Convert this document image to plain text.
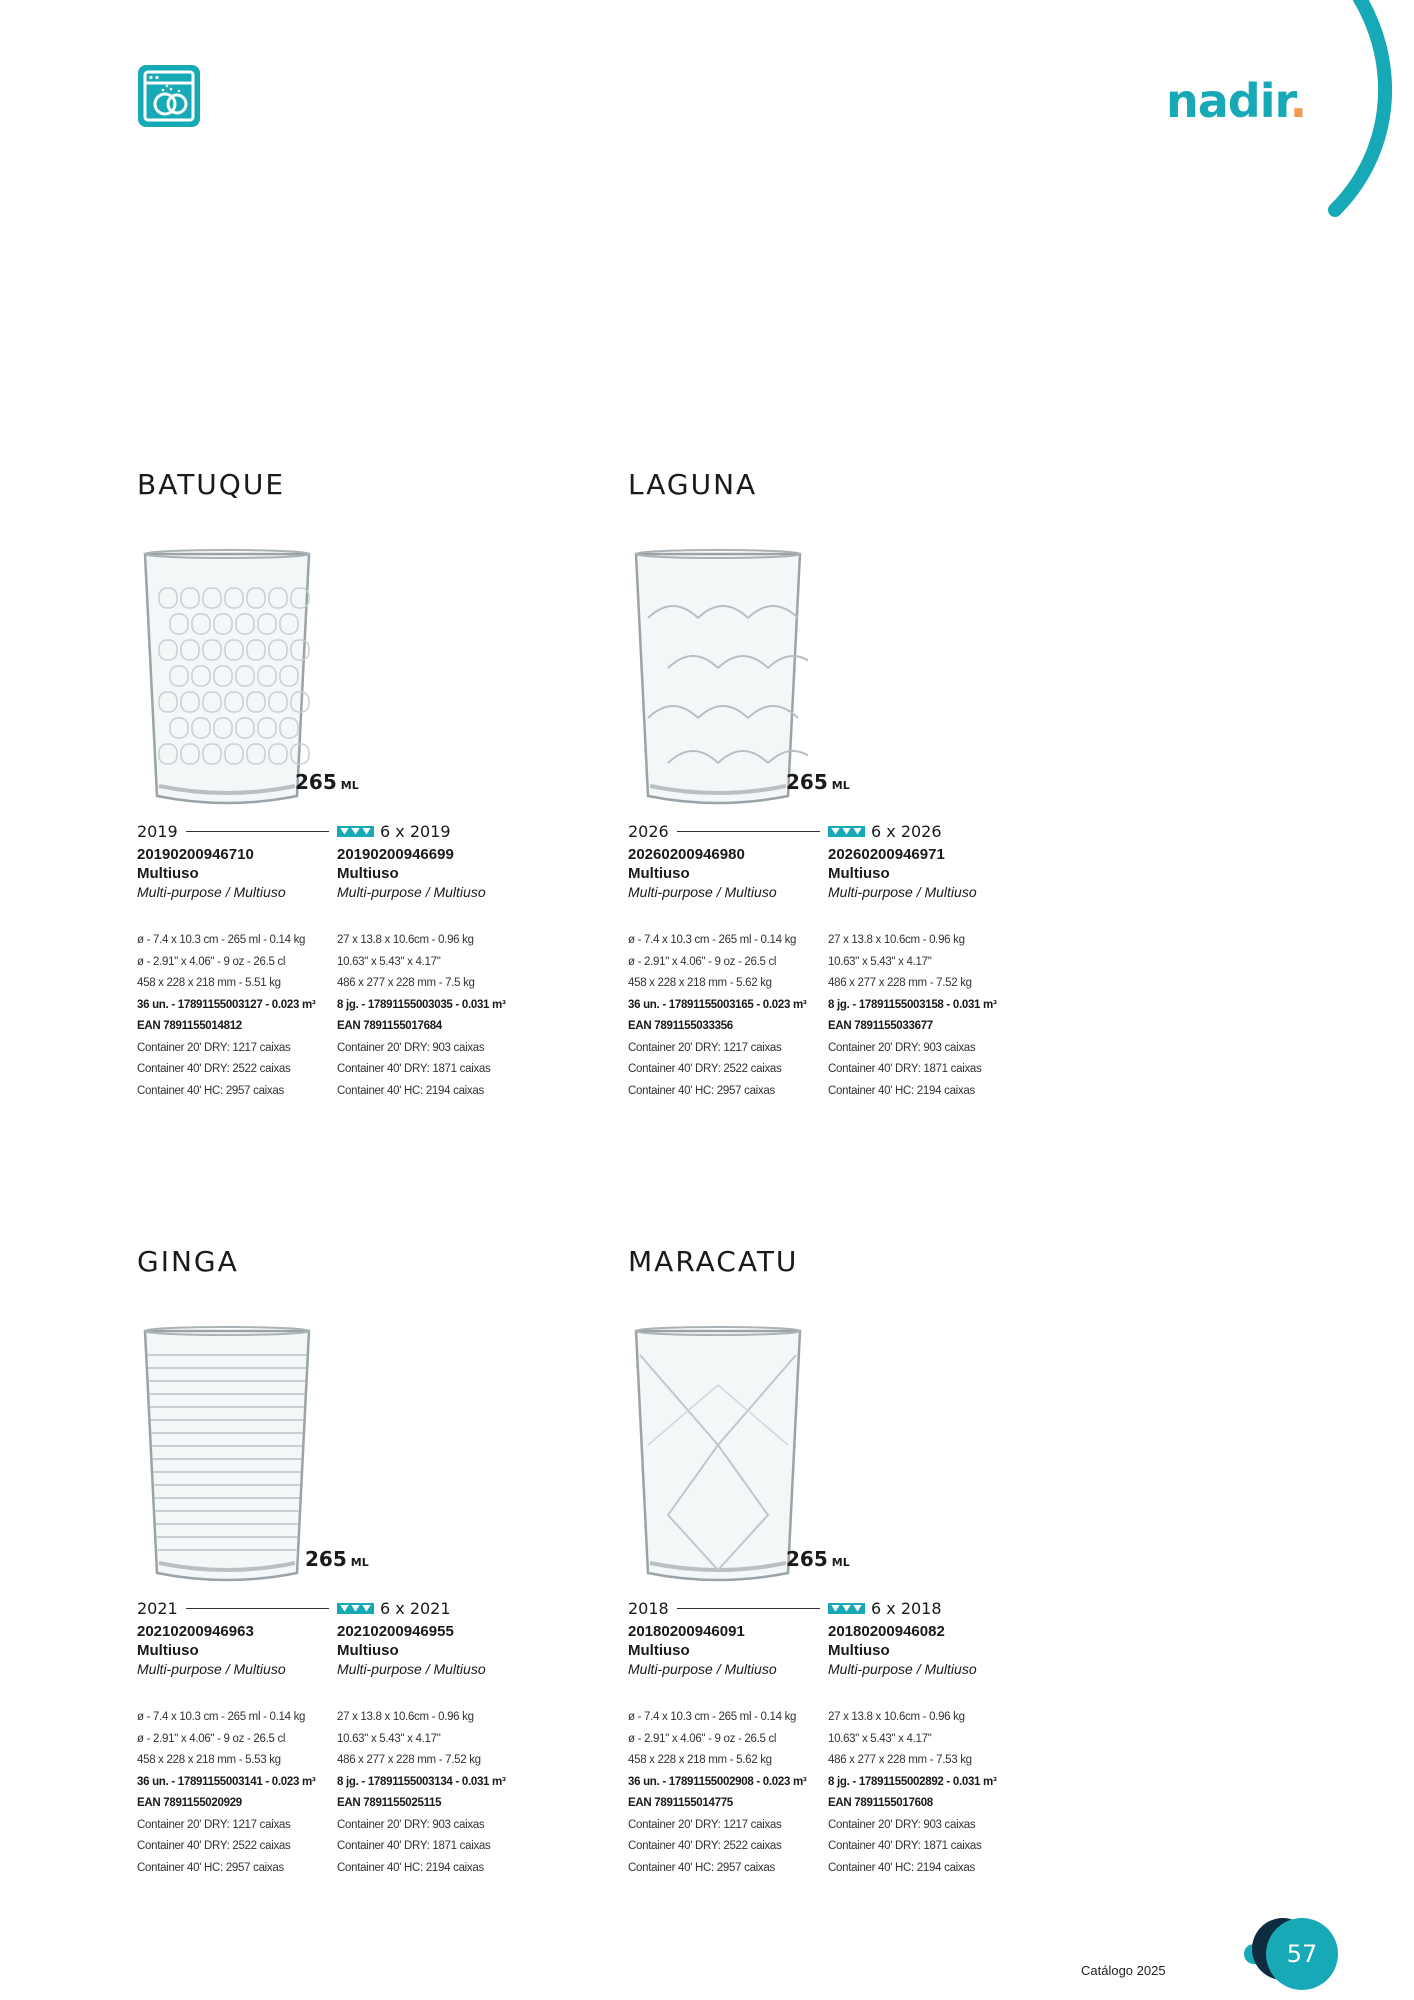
nadir.
BATUQUE
265 ML
2019
20190200946710
Multiuso
Multi-purpose / Multiuso
ø - 7.4 x 10.3 cm - 265 ml - 0.14 kg
ø - 2.91" x 4.06" - 9 oz - 26.5 cl
458 x 228 x 218 mm - 5.51 kg
36 un. - 17891155003127 - 0.023 m³
EAN 7891155014812
Container 20' DRY: 1217 caixas
Container 40' DRY: 2522 caixas
Container 40' HC: 2957 caixas
6 x 2019
20190200946699
Multiuso
Multi-purpose / Multiuso
27 x 13.8 x 10.6cm - 0.96 kg
10.63" x 5.43" x 4.17"
486 x 277 x 228 mm - 7.5 kg
8 jg. - 17891155003035 - 0.031 m³
EAN 7891155017684
Container 20' DRY: 903 caixas
Container 40' DRY: 1871 caixas
Container 40' HC: 2194 caixas
LAGUNA
265 ML
2026
20260200946980
Multiuso
Multi-purpose / Multiuso
ø - 7.4 x 10.3 cm - 265 ml - 0.14 kg
ø - 2.91" x 4.06" - 9 oz - 26.5 cl
458 x 228 x 218 mm - 5.62 kg
36 un. - 17891155003165 - 0.023 m³
EAN 7891155033356
Container 20' DRY: 1217 caixas
Container 40' DRY: 2522 caixas
Container 40' HC: 2957 caixas
6 x 2026
20260200946971
Multiuso
Multi-purpose / Multiuso
27 x 13.8 x 10.6cm - 0.96 kg
10.63" x 5.43" x 4.17"
486 x 277 x 228 mm - 7.52 kg
8 jg. - 17891155003158 - 0.031 m³
EAN 7891155033677
Container 20' DRY: 903 caixas
Container 40' DRY: 1871 caixas
Container 40' HC: 2194 caixas
GINGA
265 ML
2021
20210200946963
Multiuso
Multi-purpose / Multiuso
ø - 7.4 x 10.3 cm - 265 ml - 0.14 kg
ø - 2.91" x 4.06" - 9 oz - 26.5 cl
458 x 228 x 218 mm - 5.53 kg
36 un. - 17891155003141 - 0.023 m³
EAN 7891155020929
Container 20' DRY: 1217 caixas
Container 40' DRY: 2522 caixas
Container 40' HC: 2957 caixas
6 x 2021
20210200946955
Multiuso
Multi-purpose / Multiuso
27 x 13.8 x 10.6cm - 0.96 kg
10.63" x 5.43" x 4.17"
486 x 277 x 228 mm - 7.52 kg
8 jg. - 17891155003134 - 0.031 m³
EAN 7891155025115
Container 20' DRY: 903 caixas
Container 40' DRY: 1871 caixas
Container 40' HC: 2194 caixas
MARACATU
265 ML
2018
20180200946091
Multiuso
Multi-purpose / Multiuso
ø - 7.4 x 10.3 cm - 265 ml - 0.14 kg
ø - 2.91" x 4.06" - 9 oz - 26.5 cl
458 x 228 x 218 mm - 5.62 kg
36 un. - 17891155002908 - 0.023 m³
EAN 7891155014775
Container 20' DRY: 1217 caixas
Container 40' DRY: 2522 caixas
Container 40' HC: 2957 caixas
6 x 2018
20180200946082
Multiuso
Multi-purpose / Multiuso
27 x 13.8 x 10.6cm - 0.96 kg
10.63" x 5.43" x 4.17"
486 x 277 x 228 mm - 7.53 kg
8 jg. - 17891155002892 - 0.031 m³
EAN 7891155017608
Container 20' DRY: 903 caixas
Container 40' DRY: 1871 caixas
Container 40' HC: 2194 caixas
Catálogo 2025
57
